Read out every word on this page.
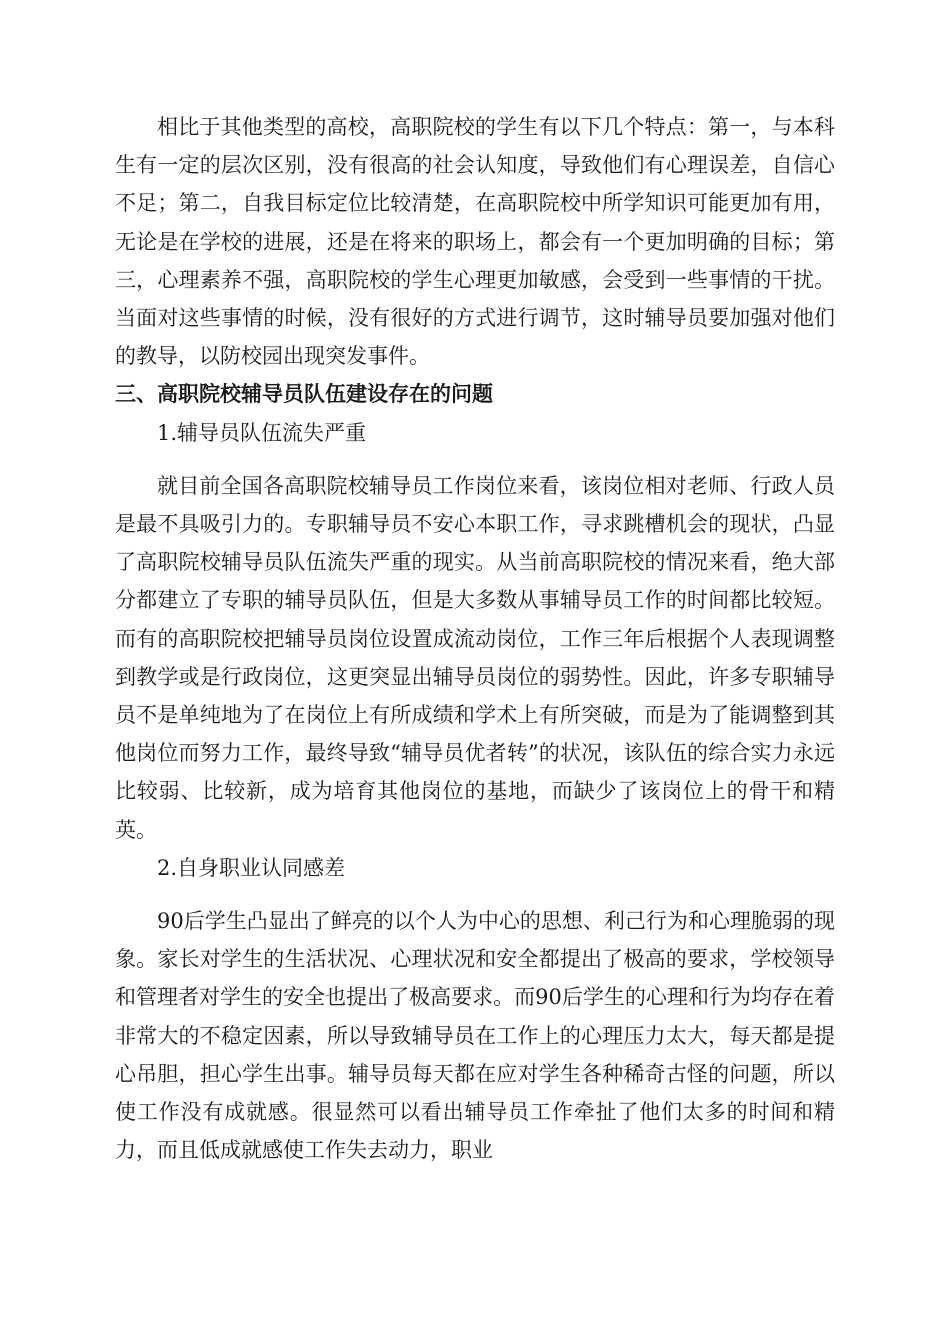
相比于其他类型的高校，高职院校的学生有以下几个特点：第一，与本科生有一定的层次区别，没有很高的社会认知度，导致他们有心理误差，自信心不足；第二，自我目标定位比较清楚，在高职院校中所学知识可能更加有用，无论是在学校的进展，还是在将来的职场上，都会有一个更加明确的目标；第三，心理素养不强，高职院校的学生心理更加敏感，会受到一些事情的干扰。当面对这些事情的时候，没有很好的方式进行调节，这时辅导员要加强对他们的教导，以防校园出现突发事件。

三、高职院校辅导员队伍建设存在的问题

1.辅导员队伍流失严重

就目前全国各高职院校辅导员工作岗位来看，该岗位相对老师、行政人员是最不具吸引力的。专职辅导员不安心本职工作，寻求跳槽机会的现状，凸显了高职院校辅导员队伍流失严重的现实。从当前高职院校的情况来看，绝大部分都建立了专职的辅导员队伍，但是大多数从事辅导员工作的时间都比较短。而有的高职院校把辅导员岗位设置成流动岗位，工作三年后根据个人表现调整到教学或是行政岗位，这更突显出辅导员岗位的弱势性。因此，许多专职辅导员不是单纯地为了在岗位上有所成绩和学术上有所突破，而是为了能调整到其他岗位而努力工作，最终导致“辅导员优者转”的状况，该队伍的综合实力永远比较弱、比较新，成为培育其他岗位的基地，而缺少了该岗位上的骨干和精英。

2.自身职业认同感差

90后学生凸显出了鲜亮的以个人为中心的思想、利己行为和心理脆弱的现象。家长对学生的生活状况、心理状况和安全都提出了极高的要求，学校领导和管理者对学生的安全也提出了极高要求。而90后学生的心理和行为均存在着非常大的不稳定因素，所以导致辅导员在工作上的心理压力太大，每天都是提心吊胆，担心学生出事。辅导员每天都在应对学生各种稀奇古怪的问题，所以使工作没有成就感。很显然可以看出辅导员工作牵扯了他们太多的时间和精力，而且低成就感使工作失去动力，职业
